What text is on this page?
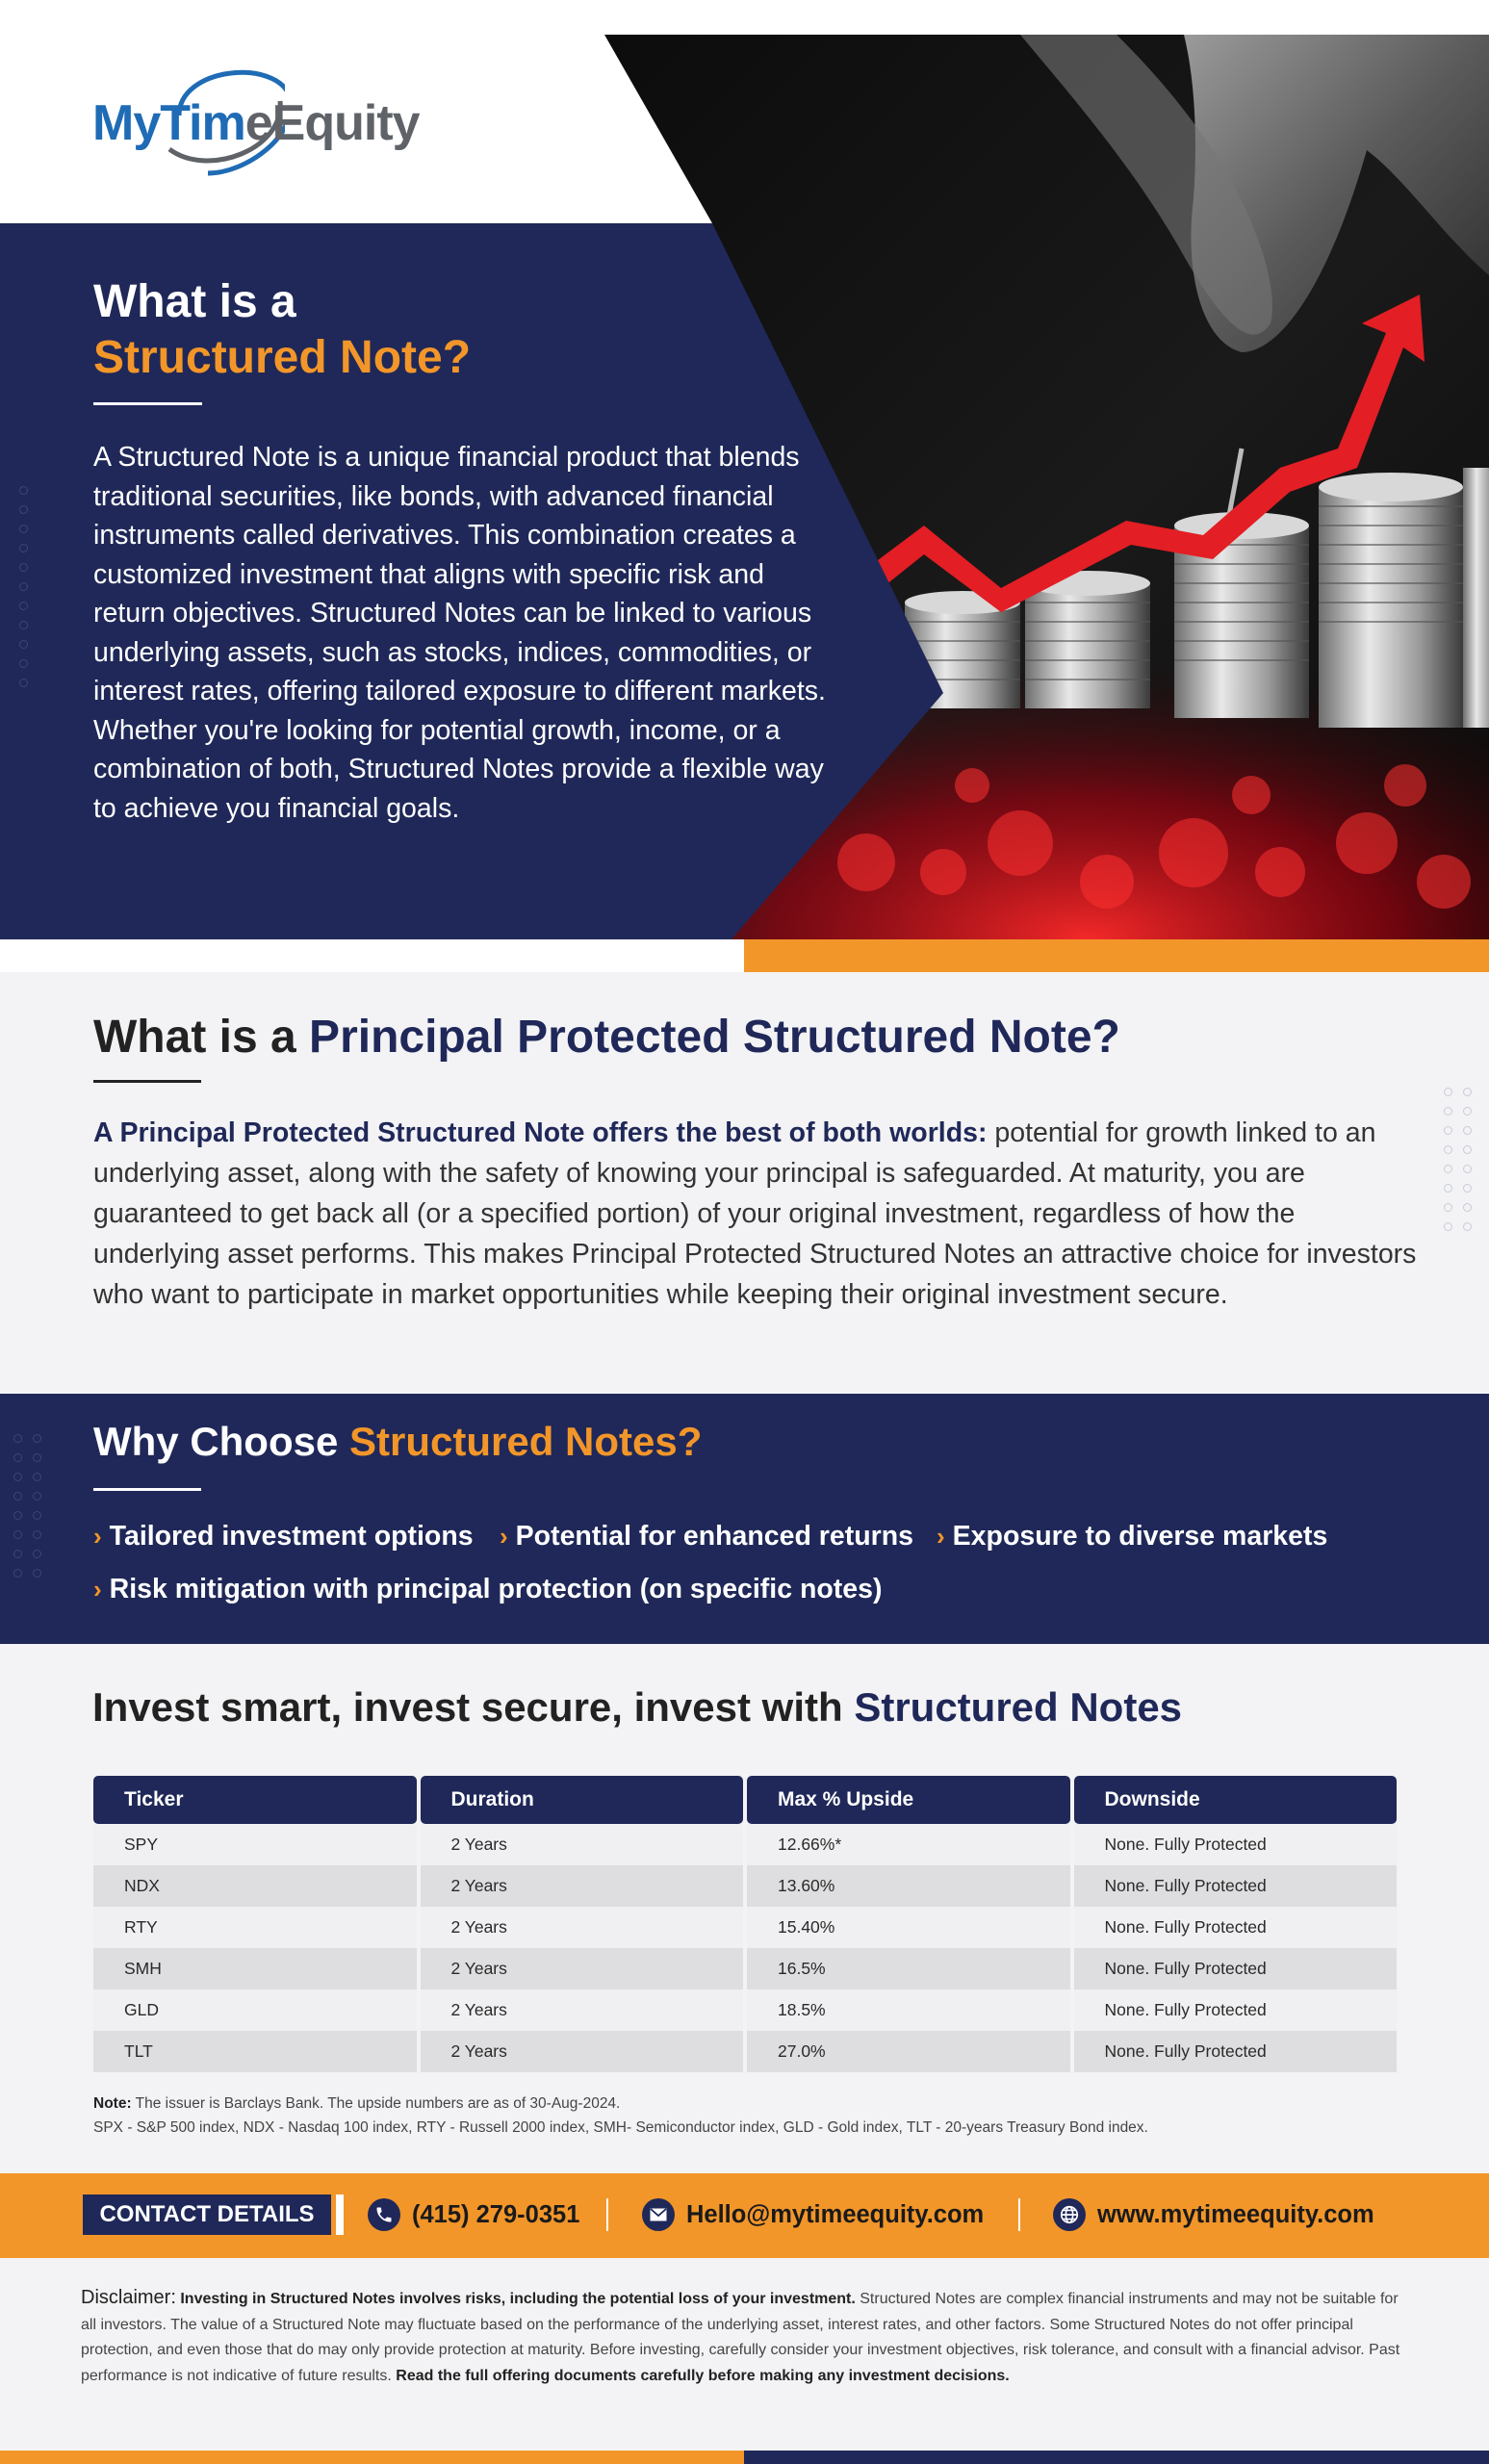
MyTimeEquity
What is a
Structured Note?

A Structured Note is a unique financial product that blends traditional securities, like bonds, with advanced financial instruments called derivatives. This combination creates a customized investment that aligns with specific risk and return objectives. Structured Notes can be linked to various underlying assets, such as stocks, indices, commodities, or interest rates, offering tailored exposure to different markets. Whether you're looking for potential growth, income, or a combination of both, Structured Notes provide a flexible way to achieve you financial goals.

What is a Principal Protected Structured Note?

A Principal Protected Structured Note offers the best of both worlds: potential for growth linked to an underlying asset, along with the safety of knowing your principal is safeguarded. At maturity, you are guaranteed to get back all (or a specified portion) of your original investment, regardless of how the underlying asset performs. This makes Principal Protected Structured Notes an attractive choice for investors who want to participate in market opportunities while keeping their original investment secure.

Why Choose Structured Notes?
› Tailored investment options › Potential for enhanced returns › Exposure to diverse markets
› Risk mitigation with principal protection (on specific notes)
Invest smart, invest secure, invest with Structured Notes
Ticker	Duration	Max % Upside	Downside
SPY	2 Years	12.66%*	None. Fully Protected
NDX	2 Years	13.60%	None. Fully Protected
RTY	2 Years	15.40%	None. Fully Protected
SMH	2 Years	16.5%	None. Fully Protected
GLD	2 Years	18.5%	None. Fully Protected
TLT	2 Years	27.0%	None. Fully Protected
Note: The issuer is Barclays Bank. The upside numbers are as of 30-Aug-2024.
SPX - S&P 500 index, NDX - Nasdaq 100 index, RTY - Russell 2000 index, SMH- Semiconductor index, GLD - Gold index, TLT - 20-years Treasury Bond index.
CONTACT DETAILS	(415) 279-0351	Hello@mytimeequity.com	www.mytimeequity.com

Disclaimer: Investing in Structured Notes involves risks, including the potential loss of your investment. Structured Notes are complex financial instruments and may not be suitable for all investors. The value of a Structured Note may fluctuate based on the performance of the underlying asset, interest rates, and other factors. Some Structured Notes do not offer principal protection, and even those that do may only provide protection at maturity. Before investing, carefully consider your investment objectives, risk tolerance, and consult with a financial advisor. Past performance is not indicative of future results. Read the full offering documents carefully before making any investment decisions.
